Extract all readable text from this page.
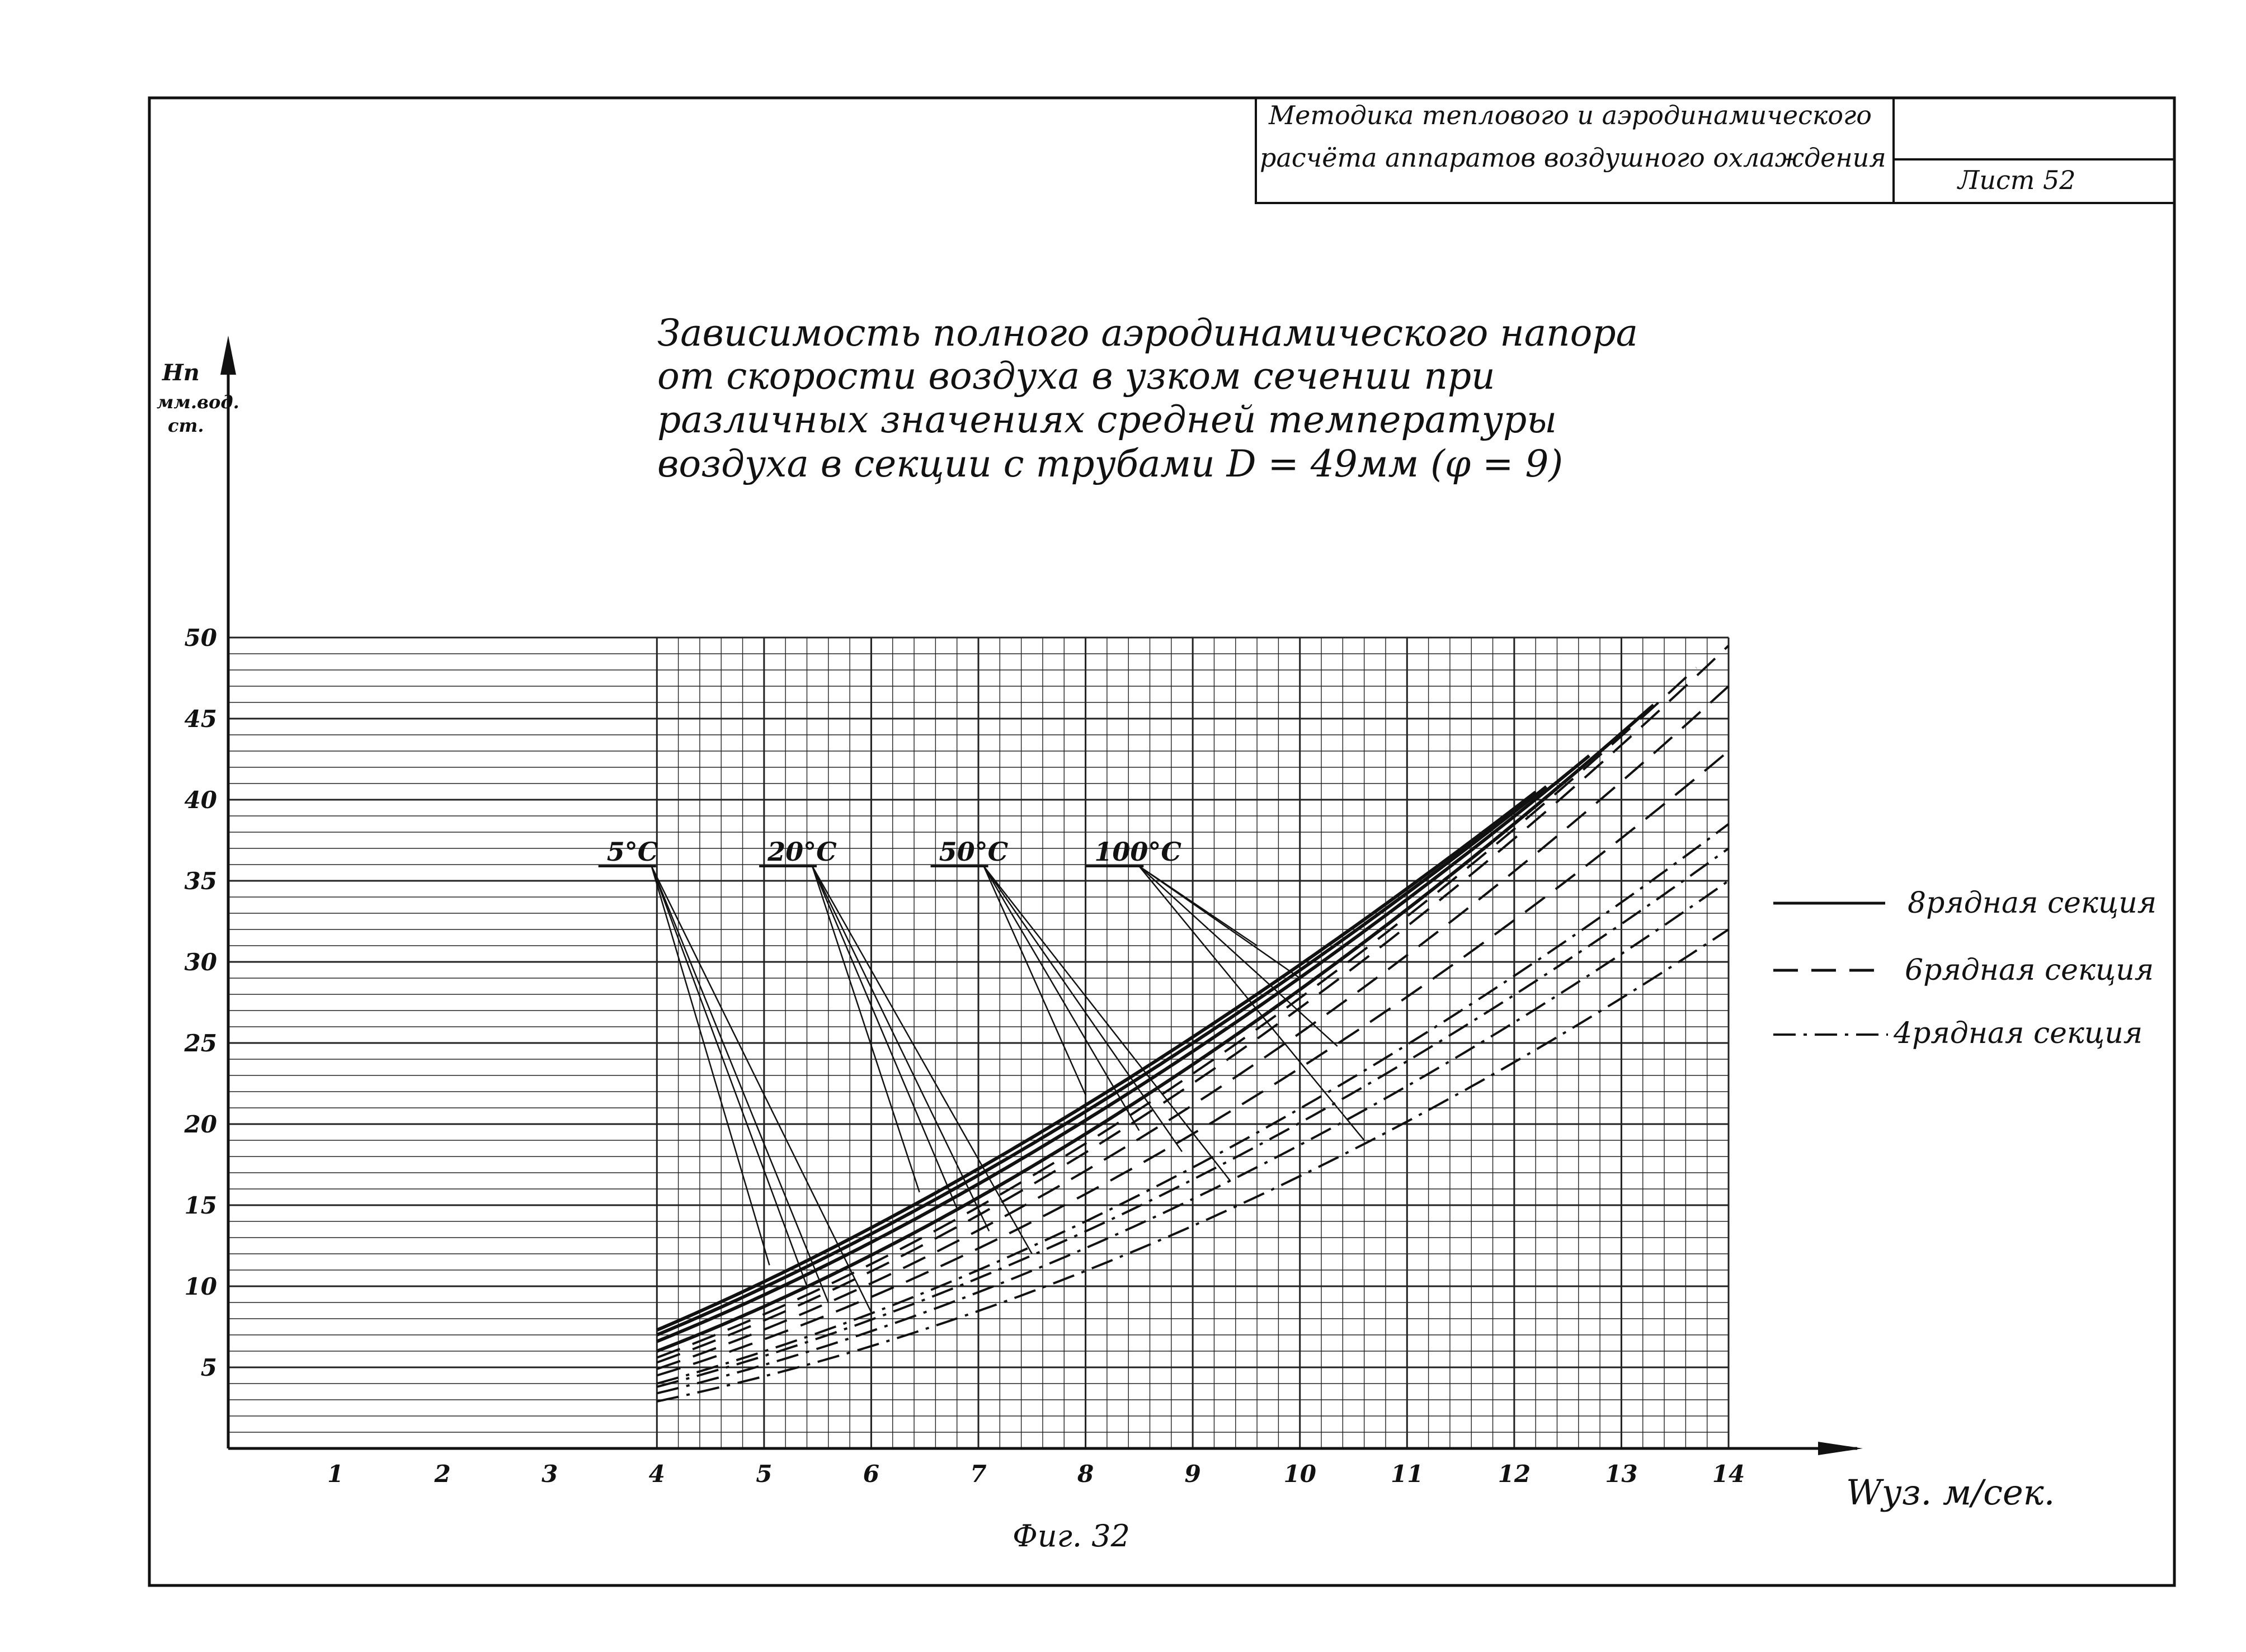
Методика теплового и аэродинамического
расчёта аппаратов воздушного охлаждения
Лист 52
Зависимость полного аэродинамического напора
от скорости воздуха в узком сечении при
различных значениях средней температуры
воздуха в секции с трубами D = 49мм (φ = 9)
Hп
мм.вод.
ст.
5°C	20°C	50°C	100°C
1	2	3	4	5	6	7	8	9	10	11	12	13	14
5
10
15
20
25
30
35
40
45
50
Wуз. м/сек.
8рядная секция
6рядная секция
4рядная секция
Фиг. 32
